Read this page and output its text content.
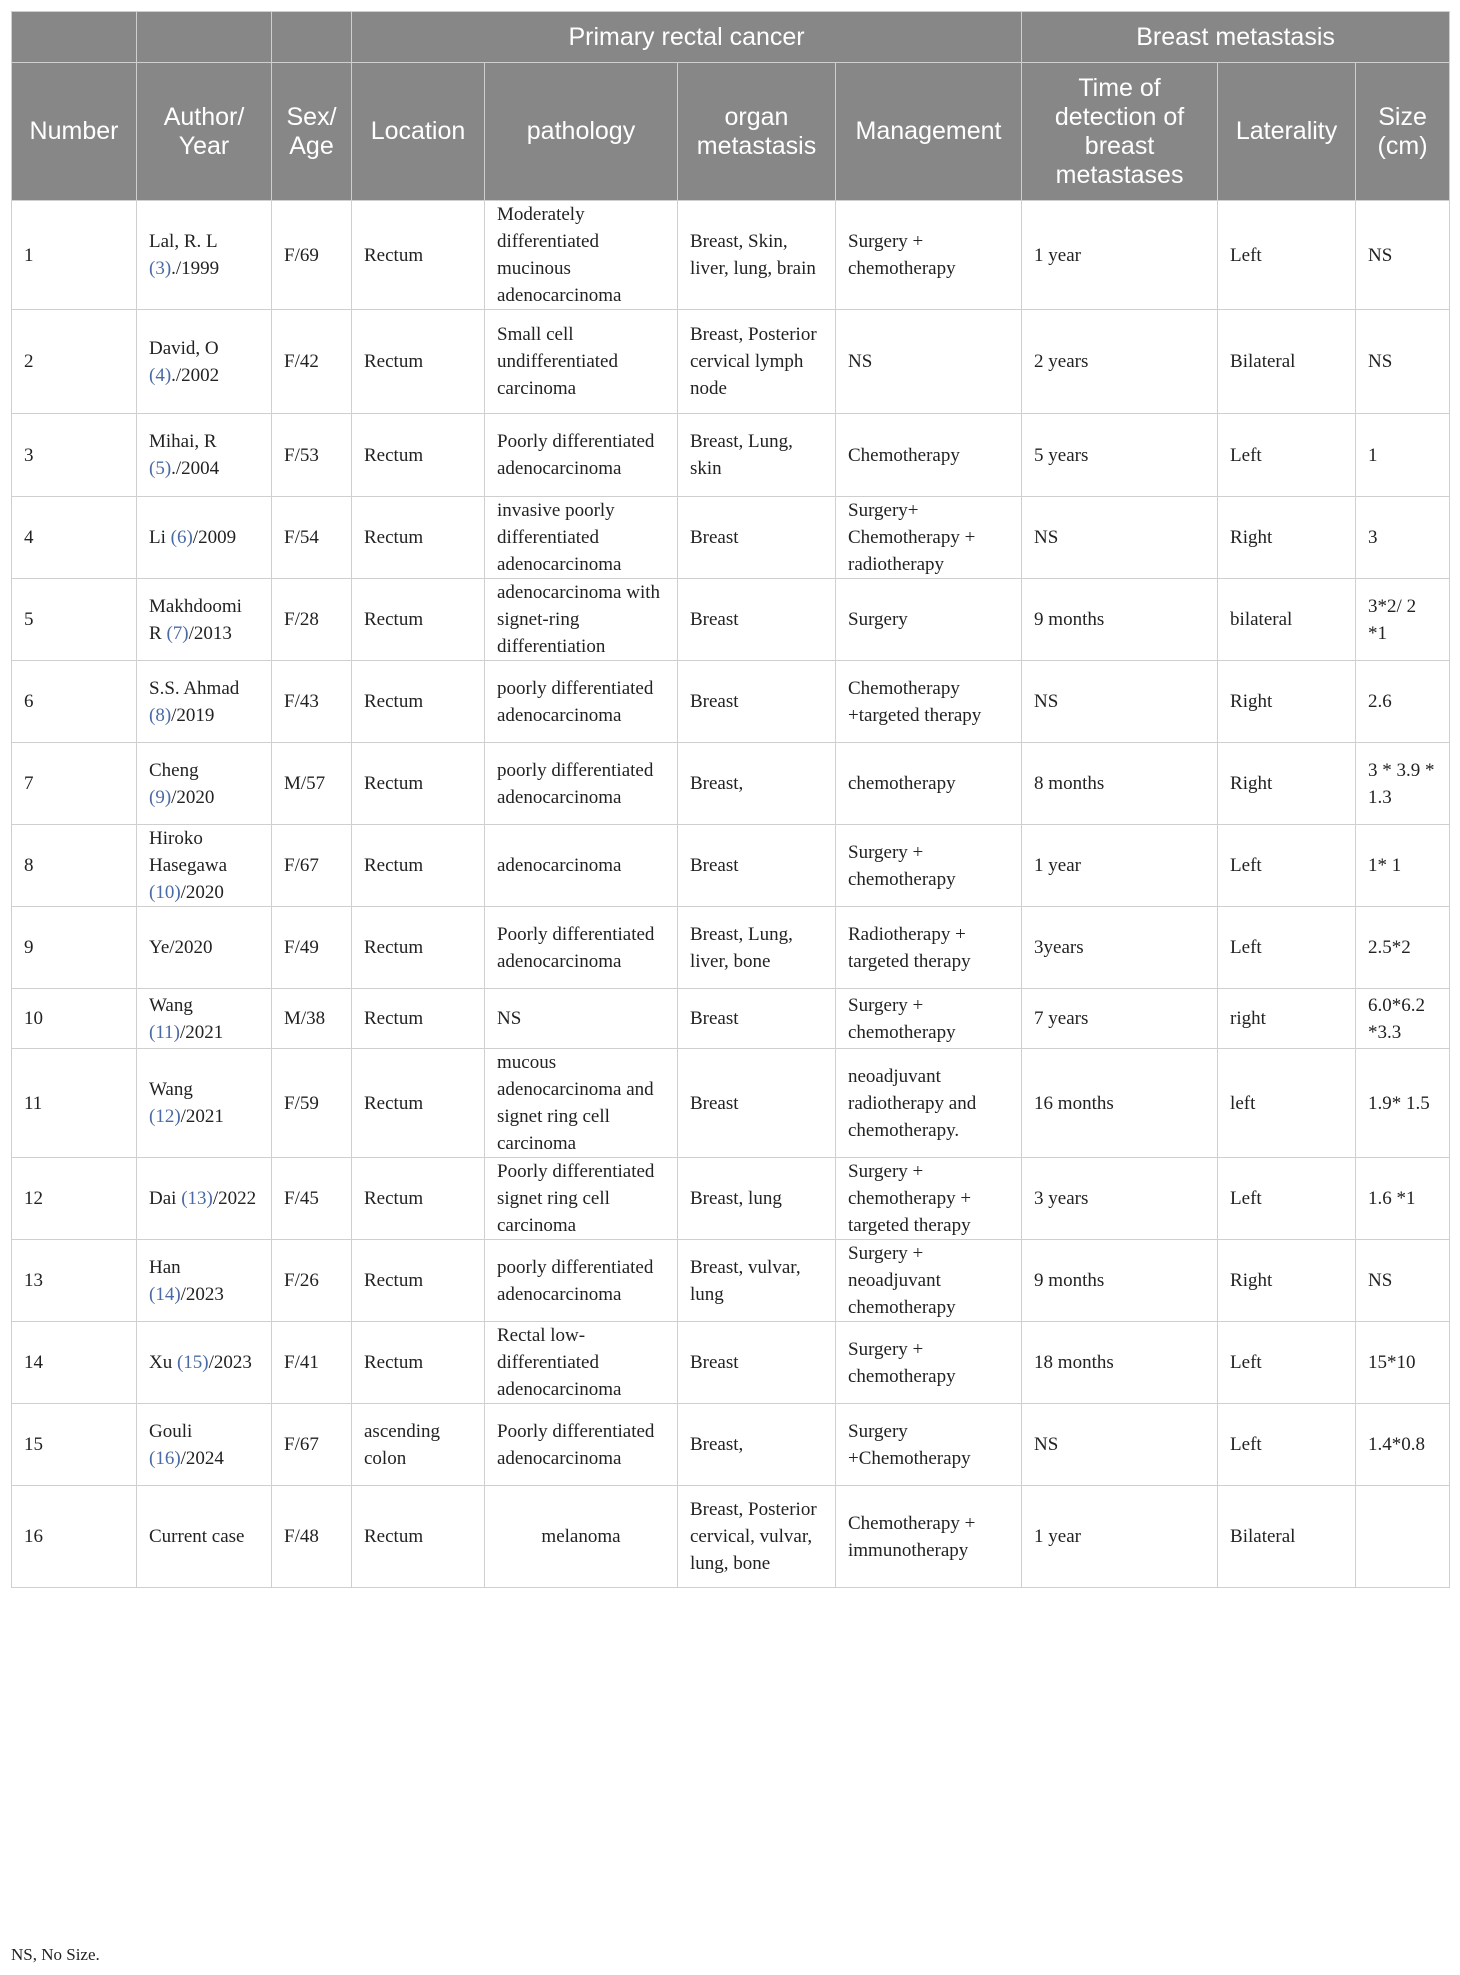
			Primary rectal cancer				Breast metastasis		
Number	Author/ Year	Sex/ Age	Location	pathology	organ metastasis	Management	Time of detection of breast metastases	Laterality	Size (cm)
1	Lal, R. L (3)./1999	F/69	Rectum	Moderately differentiated mucinous adenocarcinoma	Breast, Skin, liver, lung, brain	Surgery + chemotherapy	1 year	Left	NS
2	David, O (4)./2002	F/42	Rectum	Small cell undifferentiated carcinoma	Breast, Posterior cervical lymph node	NS	2 years	Bilateral	NS
3	Mihai, R (5)./2004	F/53	Rectum	Poorly differentiated adenocarcinoma	Breast, Lung, skin	Chemotherapy	5 years	Left	1
4	Li (6)/2009	F/54	Rectum	invasive poorly differentiated adenocarcinoma	Breast	Surgery+ Chemotherapy + radiotherapy	NS	Right	3
5	Makhdoomi R (7)/2013	F/28	Rectum	adenocarcinoma with signet-ring differentiation	Breast	Surgery	9 months	bilateral	3*2/ 2 *1
6	S.S. Ahmad (8)/2019	F/43	Rectum	poorly differentiated adenocarcinoma	Breast	Chemotherapy +targeted therapy	NS	Right	2.6
7	Cheng (9)/2020	M/57	Rectum	poorly differentiated adenocarcinoma	Breast,	chemotherapy	8 months	Right	3 * 3.9 * 1.3
8	Hiroko Hasegawa (10)/2020	F/67	Rectum	adenocarcinoma	Breast	Surgery + chemotherapy	1 year	Left	1* 1
9	Ye/2020	F/49	Rectum	Poorly differentiated adenocarcinoma	Breast, Lung, liver, bone	Radiotherapy + targeted therapy	3years	Left	2.5*2
10	Wang (11)/2021	M/38	Rectum	NS	Breast	Surgery + chemotherapy	7 years	right	6.0*6.2 *3.3
11	Wang (12)/2021	F/59	Rectum	mucous adenocarcinoma and signet ring cell carcinoma	Breast	neoadjuvant radiotherapy and chemotherapy.	16 months	left	1.9* 1.5
12	Dai (13)/2022	F/45	Rectum	Poorly differentiated signet ring cell carcinoma	Breast, lung	Surgery + chemotherapy + targeted therapy	3 years	Left	1.6 *1
13	Han (14)/2023	F/26	Rectum	poorly differentiated adenocarcinoma	Breast, vulvar, lung	Surgery + neoadjuvant chemotherapy	9 months	Right	NS
14	Xu (15)/2023	F/41	Rectum	Rectal low-differentiated adenocarcinoma	Breast	Surgery + chemotherapy	18 months	Left	15*10
15	Gouli (16)/2024	F/67	ascending colon	Poorly differentiated adenocarcinoma	Breast,	Surgery +Chemotherapy	NS	Left	1.4*0.8
16	Current case	F/48	Rectum	melanoma	Breast, Posterior cervical, vulvar, lung, bone	Chemotherapy + immunotherapy	1 year	Bilateral	
NS, No Size.
